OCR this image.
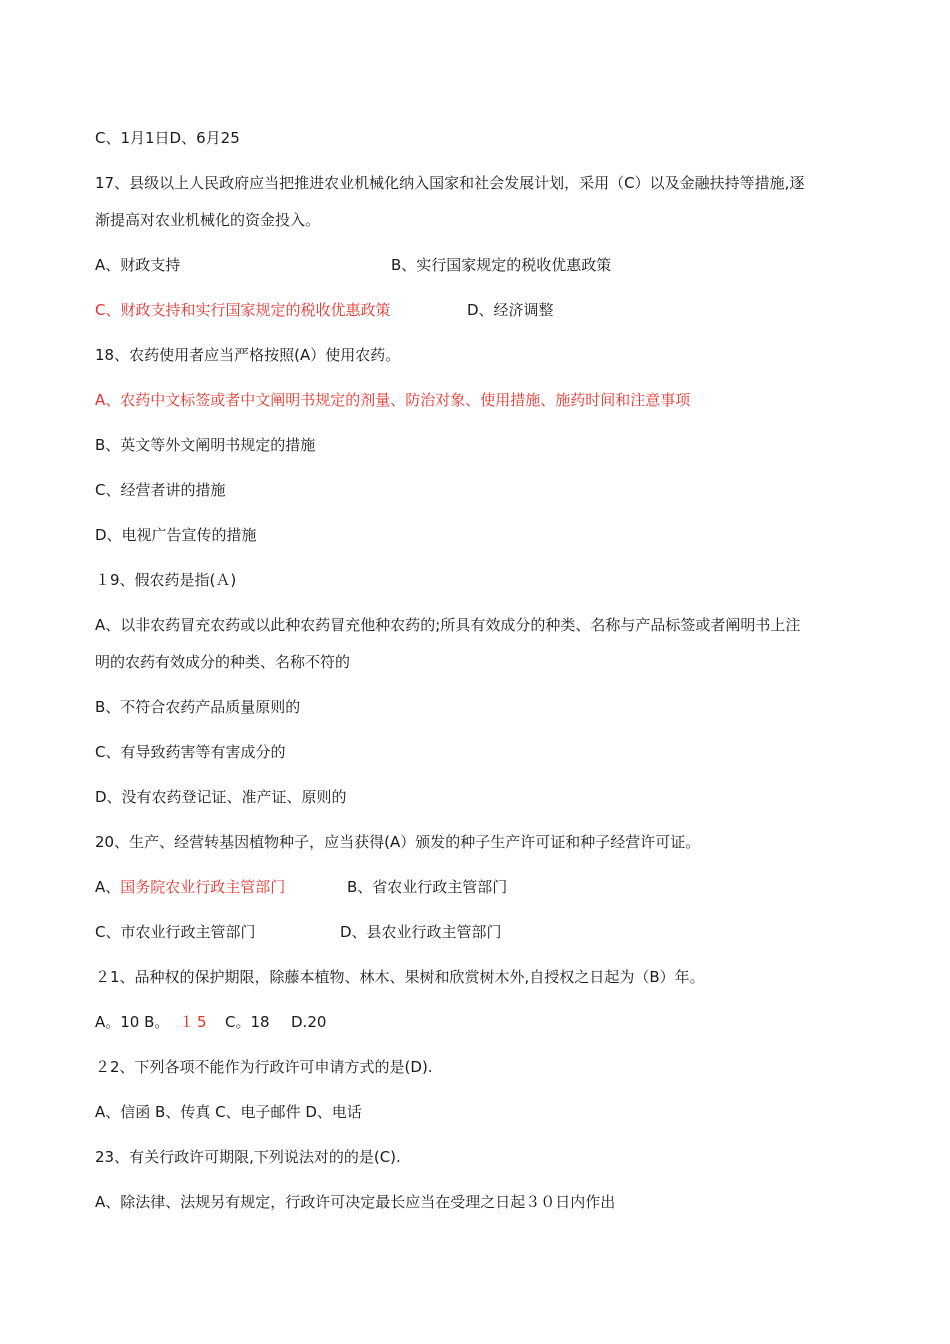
C、1月1日D、6月25
17、县级以上人民政府应当把推进农业机械化纳入国家和社会发展计划，采用（C）以及金融扶持等措施,逐
渐提高对农业机械化的资金投入。
A、财政支持	B、实行国家规定的税收优惠政策
C、财政支持和实行国家规定的税收优惠政策	D、经济调整
18、农药使用者应当严格按照(A）使用农药。
A、农药中文标签或者中文阐明书规定的剂量、防治对象、使用措施、施药时间和注意事项
B、英文等外文阐明书规定的措施
C、经营者讲的措施
D、电视广告宣传的措施
１9、假农药是指(Ａ)
A、以非农药冒充农药或以此种农药冒充他种农药的;所具有效成分的种类、名称与产品标签或者阐明书上注
明的农药有效成分的种类、名称不符的
B、不符合农药产品质量原则的
C、有导致药害等有害成分的
D、没有农药登记证、准产证、原则的
20、生产、经营转基因植物种子，应当获得(A）颁发的种子生产许可证和种子经营许可证。
A、国务院农业行政主管部门	B、省农业行政主管部门
C、市农业行政主管部门	D、县农业行政主管部门
２1、品种权的保护期限，除藤本植物、林木、果树和欣赏树木外,自授权之日起为（B）年。
A。10 B。 １5 C。18 D.20
２2、下列各项不能作为行政许可申请方式的是(D).
A、信函 B、传真 C、电子邮件 D、电话
23、有关行政许可期限,下列说法对的的是(C).
A、除法律、法规另有规定，行政许可决定最长应当在受理之日起３０日内作出
